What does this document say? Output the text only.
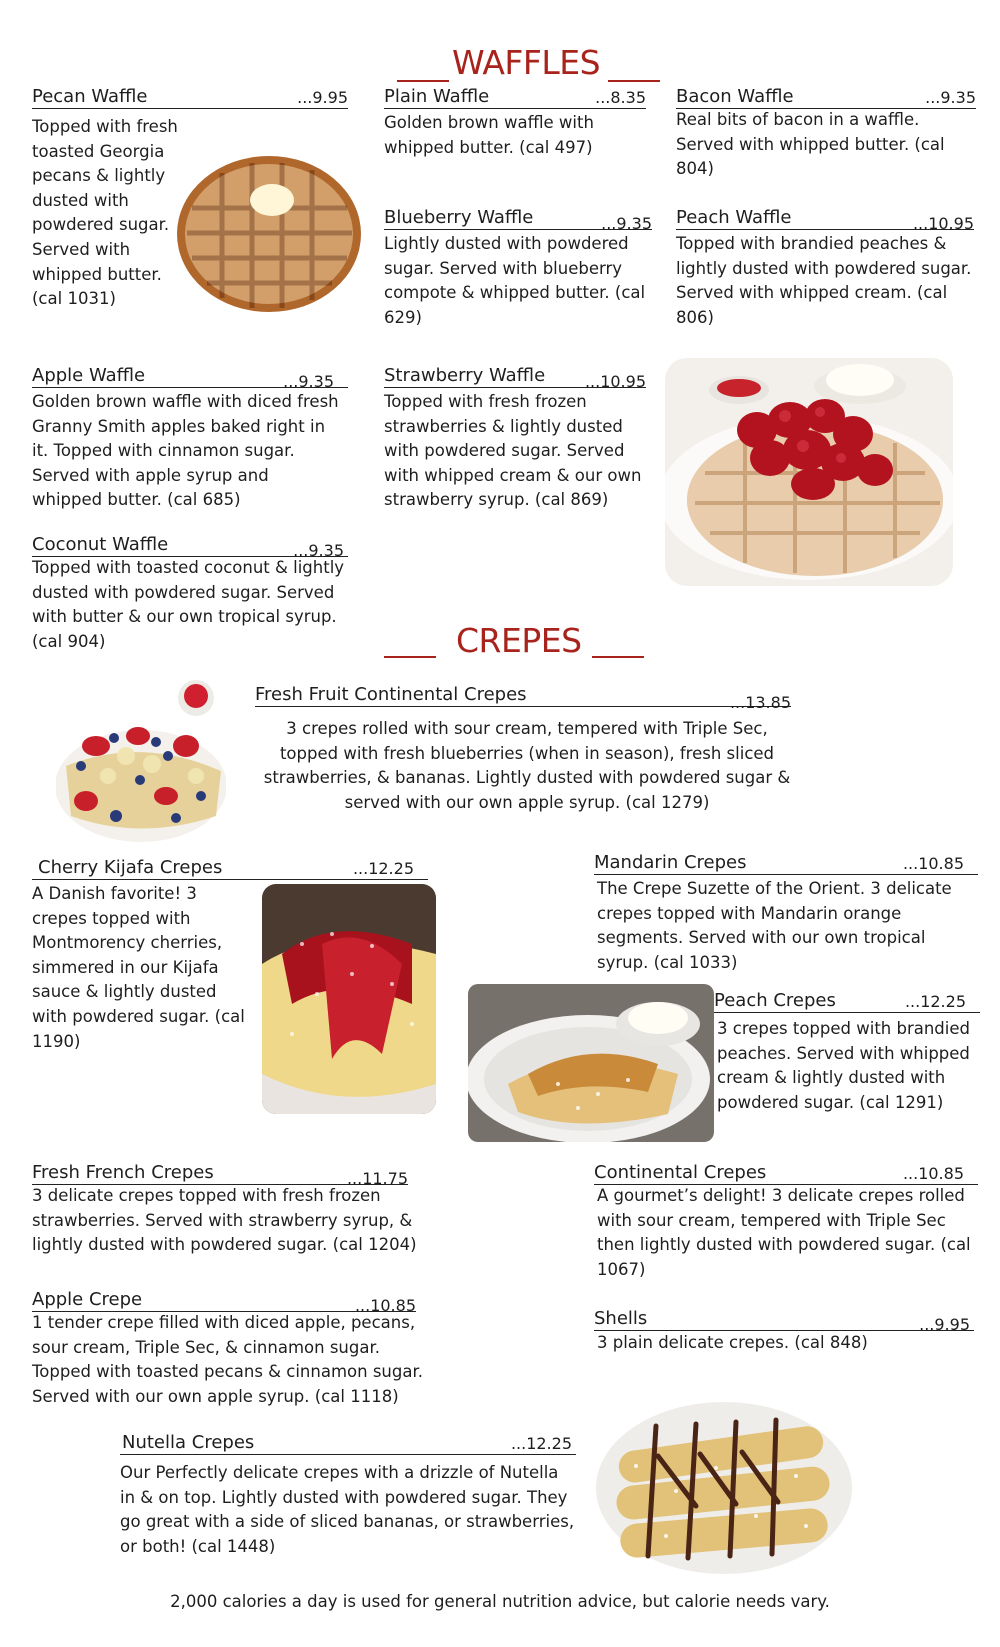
WAFFLES
Pecan Waffle	...9.95
Topped with fresh toasted Georgia pecans & lightly dusted with powdered sugar. Served with whipped butter. (cal 1031)
Plain Waffle	...8.35
Golden brown waffle with whipped butter. (cal 497)
Bacon Waffle	...9.35
Real bits of bacon in a waffle. Served with whipped butter. (cal 804)
Blueberry Waffle	...9.35
Lightly dusted with powdered sugar. Served with blueberry compote & whipped butter. (cal 629)
Peach Waffle	...10.95
Topped with brandied peaches & lightly dusted with powdered sugar. Served with whipped cream. (cal 806)
Apple Waffle	...9.35
Golden brown waffle with diced fresh Granny Smith apples baked right in it. Topped with cinnamon sugar. Served with apple syrup and whipped butter. (cal 685)
Strawberry Waffle ...10.95
Topped with fresh frozen strawberries & lightly dusted with powdered sugar. Served with whipped cream & our own strawberry syrup. (cal 869)
Coconut Waffle	...9.35
Topped with toasted coconut & lightly dusted with powdered sugar. Served with butter & our own tropical syrup. (cal 904)	CREPES
Fresh Fruit Continental Crepes	...13.85
3 crepes rolled with sour cream, tempered with Triple Sec, topped with fresh blueberries (when in season), fresh sliced strawberries, & bananas. Lightly dusted with powdered sugar & served with our own apple syrup. (cal 1279)
Cherry Kijafa Crepes	...12.25
A Danish favorite! 3 crepes topped with Montmorency cherries, simmered in our Kijafa sauce & lightly dusted with powdered sugar. (cal 1190)
Mandarin Crepes	...10.85
The Crepe Suzette of the Orient. 3 delicate crepes topped with Mandarin orange segments. Served with our own tropical syrup. (cal 1033)
Peach Crepes	...12.25
3 crepes topped with brandied peaches. Served with whipped cream & lightly dusted with powdered sugar. (cal 1291)
Fresh French Crepes	...11.75
3 delicate crepes topped with fresh frozen strawberries. Served with strawberry syrup, & lightly dusted with powdered sugar. (cal 1204)
Continental Crepes	...10.85
A gourmet’s delight! 3 delicate crepes rolled with sour cream, tempered with Triple Sec then lightly dusted with powdered sugar. (cal 1067)
Apple Crepe	...10.85
1 tender crepe filled with diced apple, pecans, sour cream, Triple Sec, & cinnamon sugar. Topped with toasted pecans & cinnamon sugar. Served with our own apple syrup. (cal 1118)
Shells	...9.95
3 plain delicate crepes. (cal 848)
Nutella Crepes	...12.25
Our Perfectly delicate crepes with a drizzle of Nutella in & on top. Lightly dusted with powdered sugar. They go great with a side of sliced bananas, or strawberries, or both! (cal 1448)
2,000 calories a day is used for general nutrition advice, but calorie needs vary.
